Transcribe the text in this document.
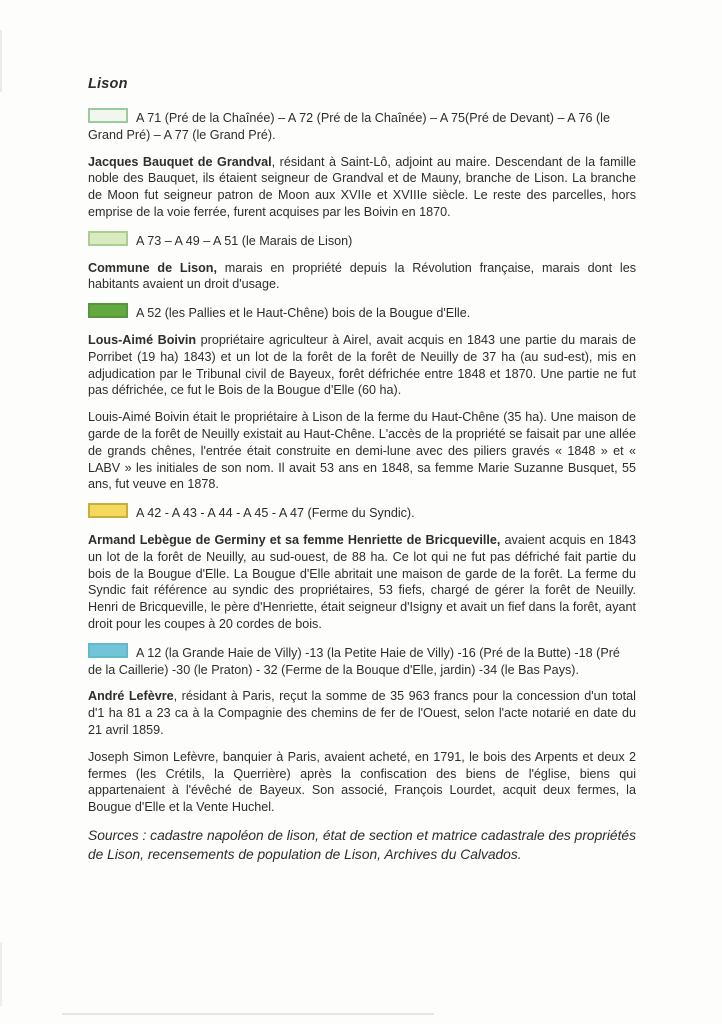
Lison

A 71 (Pré de la Chaînée) – A 72 (Pré de la Chaînée) – A 75(Pré de Devant) – A 76 (le Grand Pré) – A 77 (le Grand Pré).

Jacques Bauquet de Grandval, résidant à Saint-Lô, adjoint au maire. Descendant de la famille noble des Bauquet, ils étaient seigneur de Grandval et de Mauny, branche de Lison. La branche de Moon fut seigneur patron de Moon aux XVIIe et XVIIIe siècle. Le reste des parcelles, hors emprise de la voie ferrée, furent acquises par les Boivin en 1870.

A 73 – A 49 – A 51 (le Marais de Lison)

Commune de Lison, marais en propriété depuis la Révolution française, marais dont les habitants avaient un droit d'usage.

A 52 (les Pallies et le Haut-Chêne) bois de la Bougue d'Elle.

Lous-Aimé Boivin propriétaire agriculteur à Airel, avait acquis en 1843 une partie du marais de Porribet (19 ha) 1843) et un lot de la forêt de la forêt de Neuilly de 37 ha (au sud-est), mis en adjudication par le Tribunal civil de Bayeux, forêt défrichée entre 1848 et 1870. Une partie ne fut pas défrichée, ce fut le Bois de la Bougue d'Elle (60 ha).

Louis-Aimé Boivin était le propriétaire à Lison de la ferme du Haut-Chêne (35 ha). Une maison de garde de la forêt de Neuilly existait au Haut-Chêne. L'accès de la propriété se faisait par une allée de grands chênes, l'entrée était construite en demi-lune avec des piliers gravés « 1848 » et « LABV » les initiales de son nom. Il avait 53 ans en 1848, sa femme Marie Suzanne Busquet, 55 ans, fut veuve en 1878.

A 42 - A 43 - A 44 - A 45 - A 47 (Ferme du Syndic).

Armand Lebègue de Germiny et sa femme Henriette de Bricqueville, avaient acquis en 1843 un lot de la forêt de Neuilly, au sud-ouest, de 88 ha. Ce lot qui ne fut pas défriché fait partie du bois de la Bougue d'Elle. La Bougue d'Elle abritait une maison de garde de la forêt. La ferme du Syndic fait référence au syndic des propriétaires, 53 fiefs, chargé de gérer la forêt de Neuilly. Henri de Bricqueville, le père d'Henriette, était seigneur d'Isigny et avait un fief dans la forêt, ayant droit pour les coupes à 20 cordes de bois.

A 12 (la Grande Haie de Villy) -13 (la Petite Haie de Villy) -16 (Pré de la Butte) -18 (Pré de la Caillerie) -30 (le Praton) - 32 (Ferme de la Bouque d'Elle, jardin) -34 (le Bas Pays).

André Lefèvre, résidant à Paris, reçut la somme de 35 963 francs pour la concession d'un total d'1 ha 81 a 23 ca à la Compagnie des chemins de fer de l'Ouest, selon l'acte notarié en date du 21 avril 1859.

Joseph Simon Lefèvre, banquier à Paris, avaient acheté, en 1791, le bois des Arpents et deux 2 fermes (les Crétils, la Querrière) après la confiscation des biens de l'église, biens qui appartenaient à l'évêché de Bayeux. Son associé, François Lourdet, acquit deux fermes, la Bougue d'Elle et la Vente Huchel.

Sources : cadastre napoléon de lison, état de section et matrice cadastrale des propriétés de Lison, recensements de population de Lison, Archives du Calvados.
